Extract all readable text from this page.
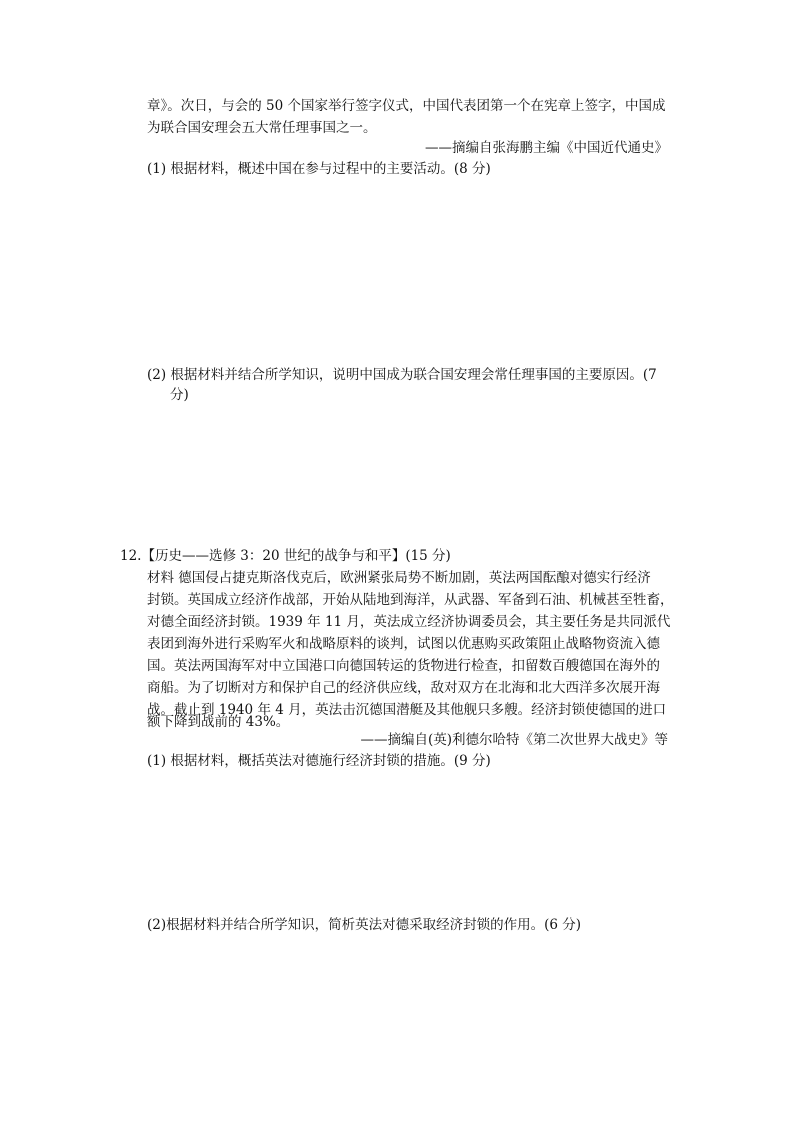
章》。次日，与会的 50 个国家举行签字仪式，中国代表团第一个在宪章上签字，中国成
为联合国安理会五大常任理事国之一。
——摘编自张海鹏主编《中国近代通史》
(1) 根据材料，概述中国在参与过程中的主要活动。(8 分)
(2) 根据材料并结合所学知识，说明中国成为联合国安理会常任理事国的主要原因。(7
分)
12.【历史——选修 3：20 世纪的战争与和平】(15 分)
材料 德国侵占捷克斯洛伐克后，欧洲紧张局势不断加剧，英法两国酝酿对德实行经济
封锁。英国成立经济作战部，开始从陆地到海洋，从武器、军备到石油、机械甚至牲畜，
对德全面经济封锁。1939 年 11 月，英法成立经济协调委员会，其主要任务是共同派代
表团到海外进行采购军火和战略原料的谈判，试图以优惠购买政策阻止战略物资流入德
国。英法两国海军对中立国港口向德国转运的货物进行检查，扣留数百艘德国在海外的
商船。为了切断对方和保护自己的经济供应线，敌对双方在北海和北大西洋多次展开海
战。截止到 1940 年 4 月，英法击沉德国潜艇及其他舰只多艘。经济封锁使德国的进口
额下降到战前的 43%。
——摘编自(英)利德尔哈特《第二次世界大战史》等
(1) 根据材料，概括英法对德施行经济封锁的措施。(9 分)
(2)根据材料并结合所学知识，简析英法对德采取经济封锁的作用。(6 分)
